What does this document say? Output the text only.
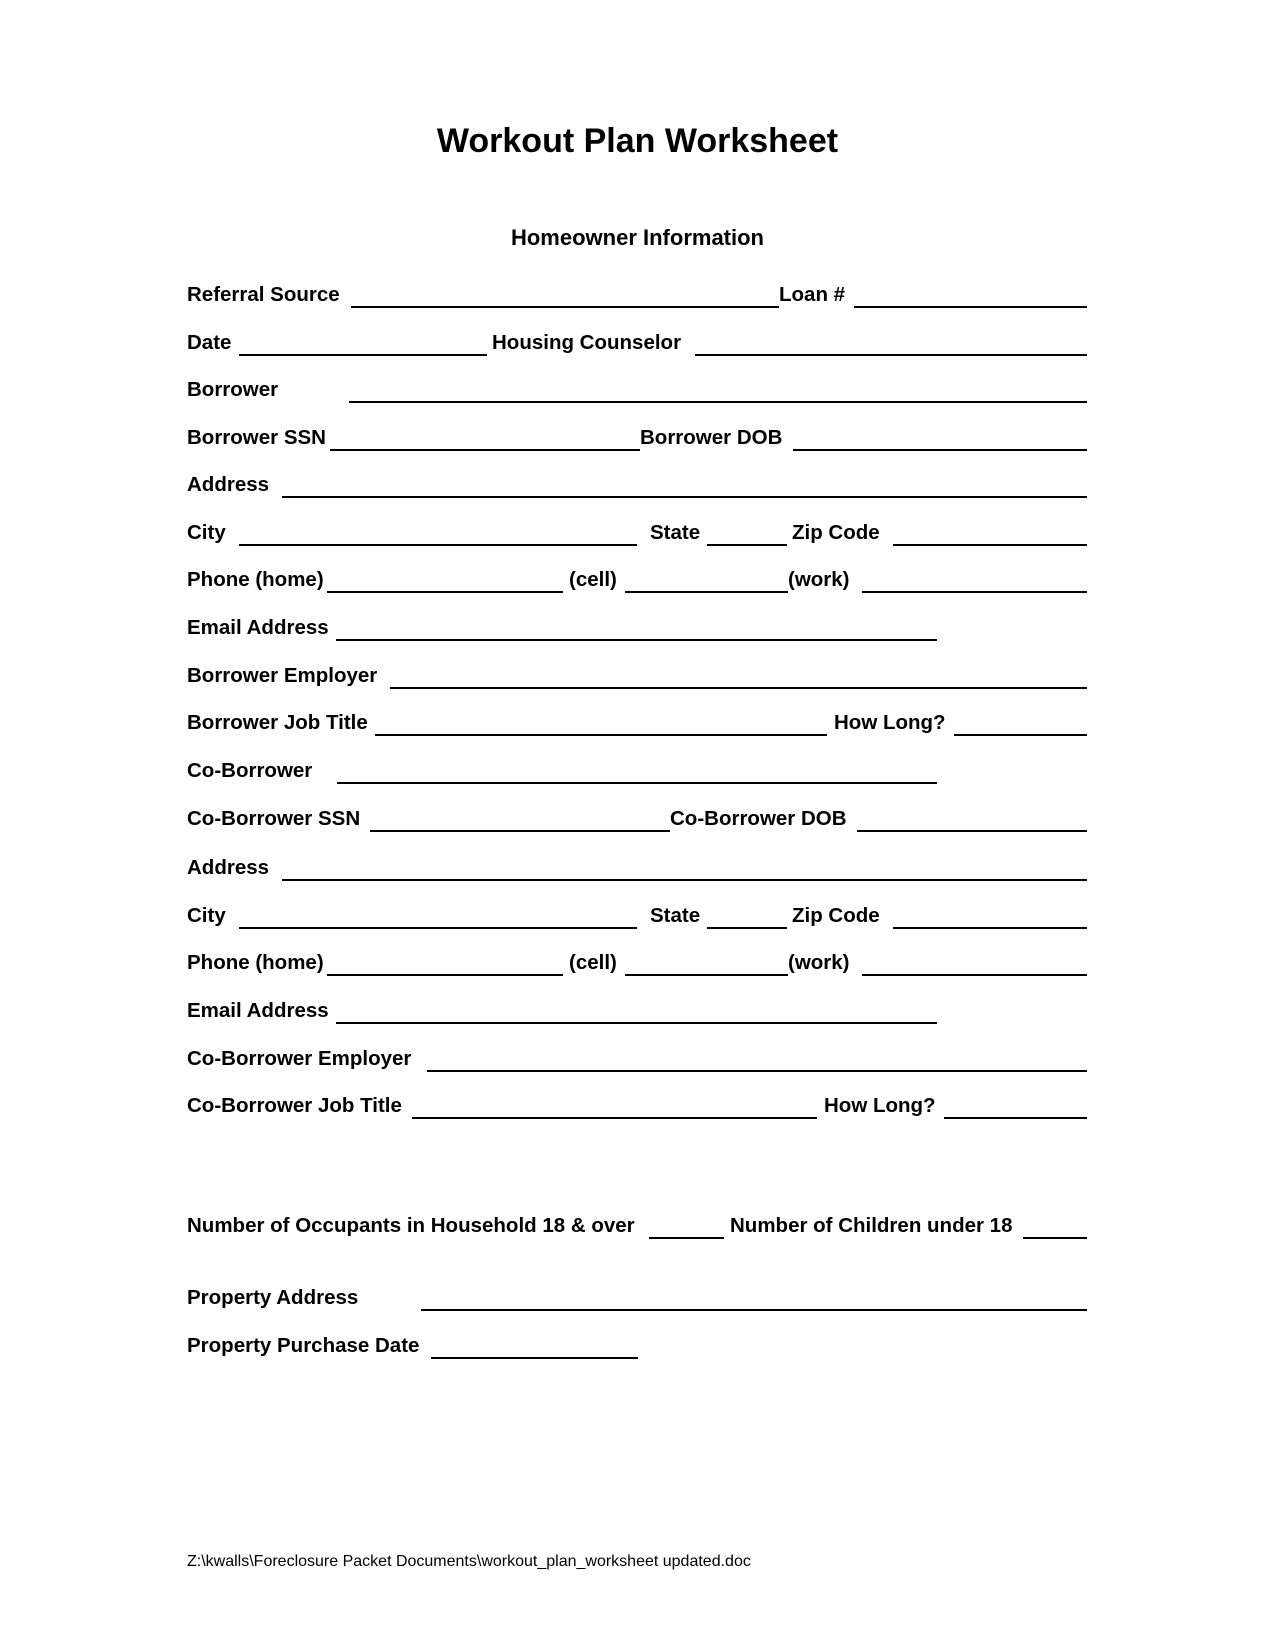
Workout Plan Worksheet
Homeowner Information
Referral Source	Loan #
Date	Housing Counselor
Borrower
Borrower SSN	Borrower DOB
Address
City	State	Zip Code
Phone (home)	(cell)	(work)
Email Address
Borrower Employer
Borrower Job Title	How Long?
Co-Borrower
Co-Borrower SSN	Co-Borrower DOB
Address
City	State	Zip Code
Phone (home)	(cell)	(work)
Email Address
Co-Borrower Employer
Co-Borrower Job Title	How Long?
Number of Occupants in Household 18 & over	Number of Children under 18
Property Address
Property Purchase Date
Z:\kwalls\Foreclosure Packet Documents\workout_plan_worksheet updated.doc
